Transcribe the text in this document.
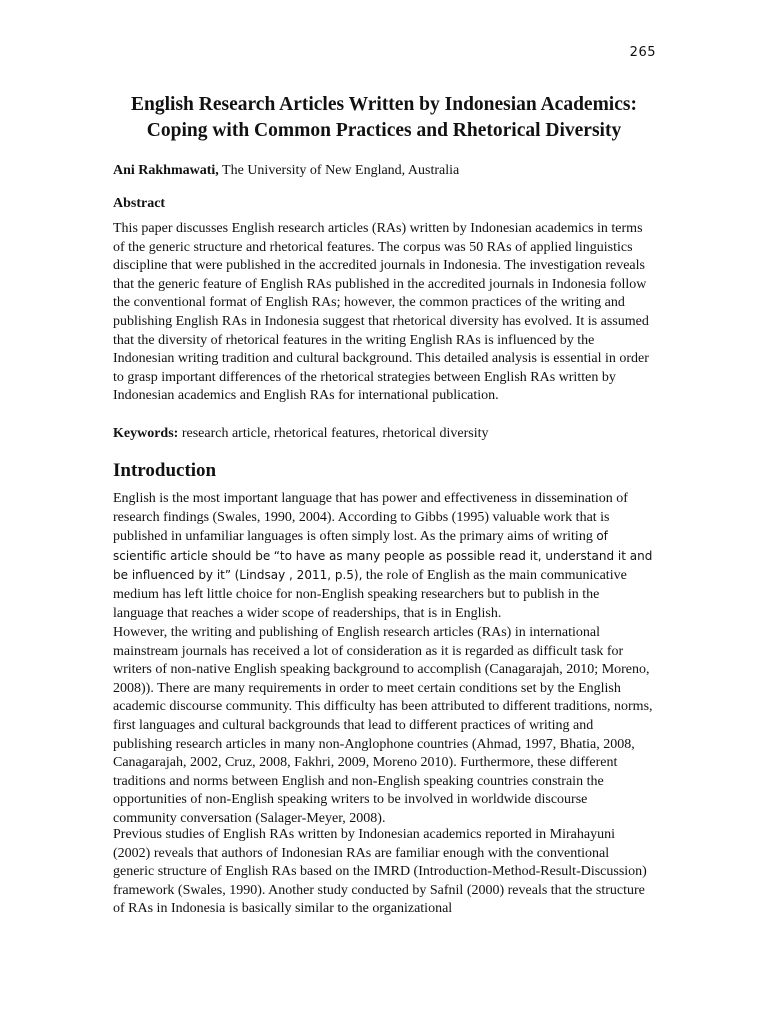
265
English Research Articles Written by Indonesian Academics:
Coping with Common Practices and Rhetorical Diversity
Ani Rakhmawati, The University of New England, Australia
Abstract

This paper discusses English research articles (RAs) written by Indonesian academics in terms of the generic structure and rhetorical features. The corpus was 50 RAs of applied linguistics discipline that were published in the accredited journals in Indonesia. The investigation reveals that the generic feature of English RAs published in the accredited journals in Indonesia follow the conventional format of English RAs; however, the common practices of the writing and publishing English RAs in Indonesia suggest that rhetorical diversity has evolved. It is assumed that the diversity of rhetorical features in the writing English RAs is influenced by the Indonesian writing tradition and cultural background. This detailed analysis is essential in order to grasp important differences of the rhetorical strategies between English RAs written by Indonesian academics and English RAs for international publication.

Keywords: research article, rhetorical features, rhetorical diversity
Introduction

English is the most important language that has power and effectiveness in dissemination of research findings (Swales, 1990, 2004). According to Gibbs (1995) valuable work that is published in unfamiliar languages is often simply lost. As the primary aims of writing of scientific article should be “to have as many people as possible read it, understand it and be influenced by it” (Lindsay , 2011, p.5), the role of English as the main communicative medium has left little choice for non-English speaking researchers but to publish in the language that reaches a wider scope of readerships, that is in English.

However, the writing and publishing of English research articles (RAs) in international mainstream journals has received a lot of consideration as it is regarded as difficult task for writers of non-native English speaking background to accomplish (Canagarajah, 2010; Moreno, 2008)). There are many requirements in order to meet certain conditions set by the English academic discourse community. This difficulty has been attributed to different traditions, norms, first languages and cultural backgrounds that lead to different practices of writing and publishing research articles in many non-Anglophone countries (Ahmad, 1997, Bhatia, 2008, Canagarajah, 2002, Cruz, 2008, Fakhri, 2009, Moreno 2010). Furthermore, these different traditions and norms between English and non-English speaking countries constrain the opportunities of non-English speaking writers to be involved in worldwide discourse community conversation (Salager-Meyer, 2008).

Previous studies of English RAs written by Indonesian academics reported in Mirahayuni (2002) reveals that authors of Indonesian RAs are familiar enough with the conventional generic structure of English RAs based on the IMRD (Introduction-Method-Result-Discussion) framework (Swales, 1990). Another study conducted by Safnil (2000) reveals that the structure of RAs in Indonesia is basically similar to the organizational
